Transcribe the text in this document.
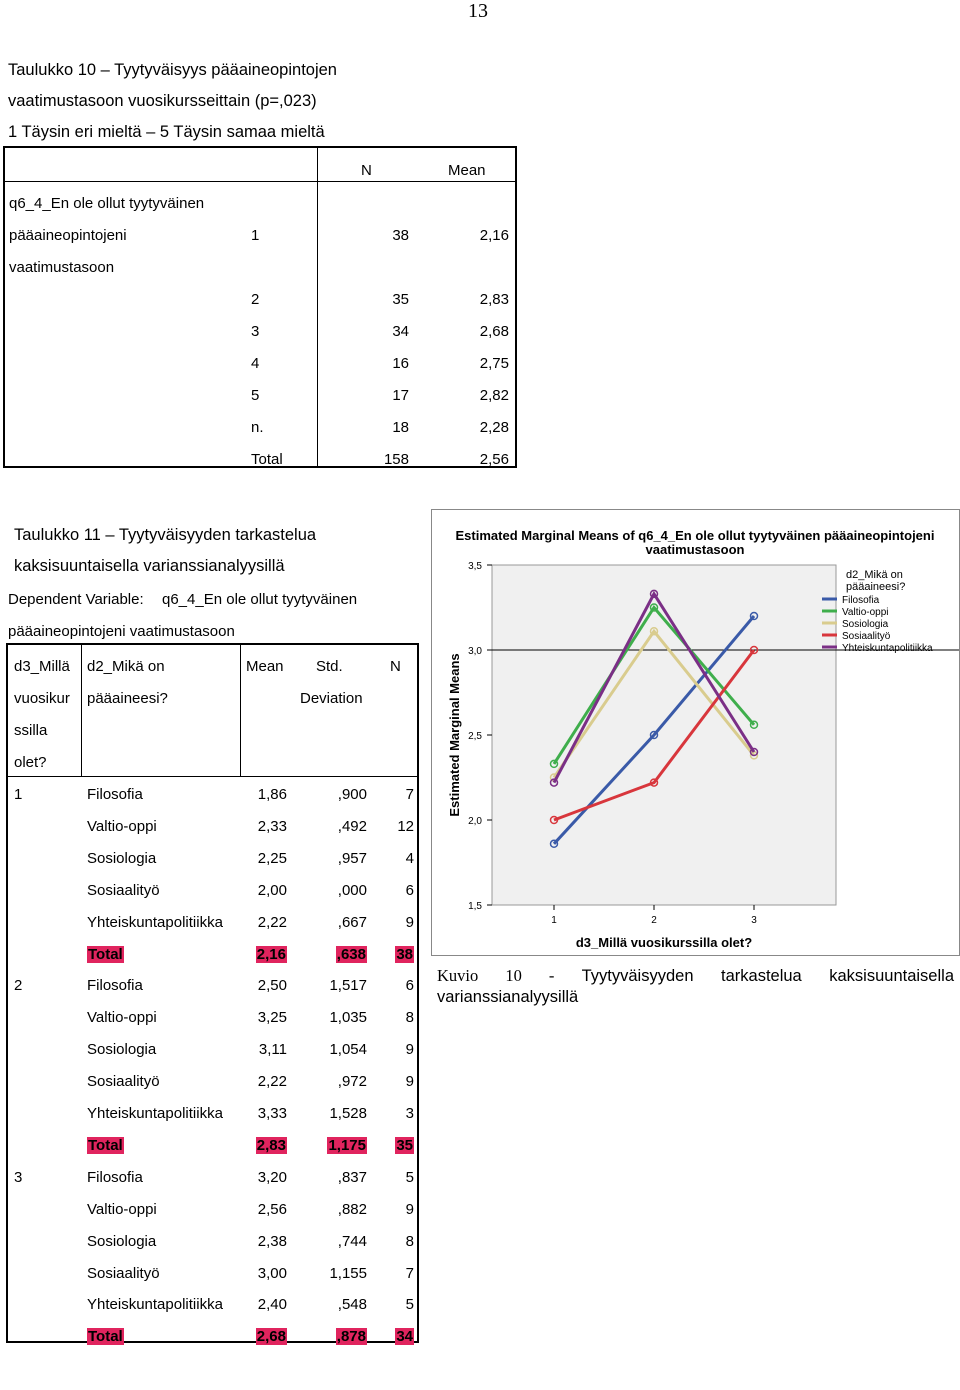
13
Taulukko 10 – Tyytyväisyys pääaineopintojen
vaatimustasoon vuosikursseittain (p=,023)
1 Täysin eri mieltä – 5 Täysin samaa mieltä
N	Mean
q6_4_En ole ollut tyytyväinen
pääaineopintojeni
vaatimustasoon
1	38	2,16
2	35	2,83
3	34	2,68
4	16	2,75
5	17	2,82
n.	18	2,28
Total	158	2,56
Taulukko 11 – Tyytyväisyyden tarkastelua
kaksisuuntaisella varianssianalyysillä
Dependent Variable: q6_4_En ole ollut tyytyväinen
pääaineopintojeni vaatimustasoon
d3_Millä
vuosikur
ssilla
olet?
d2_Mikä on
pääaineesi?
Mean Std.
Deviation
N
1	Filosofia	1,86	,900	7
Valtio-oppi	2,33	,492 12
Sosiologia	2,25	,957	4
Sosiaalityö	2,00	,000	6
Yhteiskuntapolitiikka 2,22	,667	9
Total	2,16	,638 38
2	Filosofia	2,50	1,517	6
Valtio-oppi	3,25	1,035	8
Sosiologia	3,11	1,054	9
Sosiaalityö	2,22	,972	9
Yhteiskuntapolitiikka 3,33	1,528	3
Total	2,83	1,175 35
3	Filosofia	3,20	,837	5
Valtio-oppi	2,56	,882	9
Sosiologia	2,38	,744	8
Sosiaalityö	3,00	1,155	7
Yhteiskuntapolitiikka 2,40	,548	5
Total	2,68	,878 34
Estimated Marginal Means of q6_4_En ole ollut tyytyväinen pääaineopintojeni
vaatimustasoon
1,5
2,0
2,5
3,0
3,5
1	2	3
d3_Millä vuosikurssilla olet?
Estimated Marginal Means
d2_Mikä on
pääaineesi?
Filosofia
Valtio-oppi
Sosiologia
Sosiaalityö
Yhteiskuntapolitiikka
Kuvio 10 - Tyytyväisyyden tarkastelua kaksisuuntaisella varianssianalyysillä
